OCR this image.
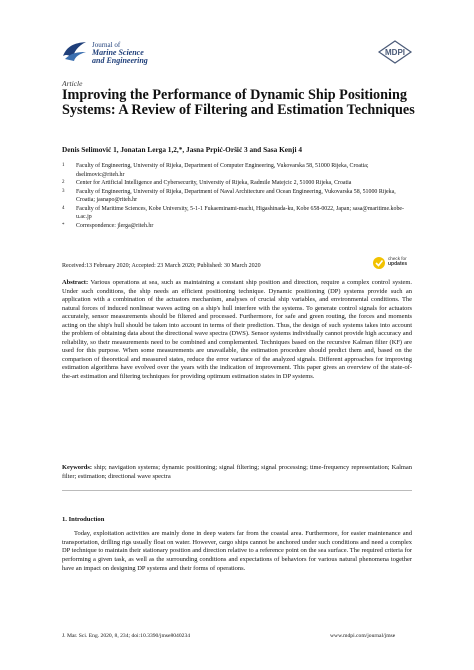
Journal of
Marine Science
and Engineering
MDPI
Article
Improving the Performance of Dynamic Ship Positioning Systems: A Review of Filtering and Estimation Techniques
Denis Selimović 1, Jonatan Lerga 1,2,*, Jasna Prpić-Oršić 3 and Sasa Kenji 4
1	Faculty of Engineering, University of Rijeka, Department of Computer Engineering, Vukovarska 58, 51000 Rijeka, Croatia; dselimovic@riteh.hr
2	Center for Artificial Intelligence and Cybersecurity, University of Rijeka, Radmile Matejcic 2, 51000 Rijeka, Croatia
3	Faculty of Engineering, University of Rijeka, Department of Naval Architecture and Ocean Engineering, Vukovarska 58, 51000 Rijeka, Croatia; jasnapo@riteh.hr
4	Faculty of Maritime Sciences, Kobe University, 5-1-1 Fukaeminami-machi, Higashinada-ku, Kobe 658-0022, Japan; sasa@maritime.kobe-u.ac.jp
*	Correspondence: jlerga@riteh.hr
Received:13 February 2020; Accepted: 23 March 2020; Published: 30 March 2020
check for
updates
Abstract: Various operations at sea, such as maintaining a constant ship position and direction, require a complex control system. Under such conditions, the ship needs an efficient positioning technique. Dynamic positioning (DP) systems provide such an application with a combination of the actuators mechanism, analyses of crucial ship variables, and environmental conditions. The natural forces of induced nonlinear waves acting on a ship's hull interfere with the systems. To generate control signals for actuators accurately, sensor measurements should be filtered and processed. Furthermore, for safe and green routing, the forces and moments acting on the ship's hull should be taken into account in terms of their prediction. Thus, the design of such systems takes into account the problem of obtaining data about the directional wave spectra (DWS). Sensor systems individually cannot provide high accuracy and reliability, so their measurements need to be combined and complemented. Techniques based on the recursive Kalman filter (KF) are used for this purpose. When some measurements are unavailable, the estimation procedure should predict them and, based on the comparison of theoretical and measured states, reduce the error variance of the analyzed signals. Different approaches for improving estimation algorithms have evolved over the years with the indication of improvement. This paper gives an overview of the state-of-the-art estimation and filtering techniques for providing optimum estimation states in DP systems.
Keywords: ship; navigation systems; dynamic positioning; signal filtering; signal processing; time-frequency representation; Kalman filter; estimation; directional wave spectra
1. Introduction

Today, exploitation activities are mainly done in deep waters far from the coastal area. Furthermore, for easier maintenance and transportation, drilling rigs usually float on water. However, cargo ships cannot be anchored under such conditions and need a complex DP technique to maintain their stationary position and direction relative to a reference point on the sea surface. The required criteria for performing a given task, as well as the surrounding conditions and expectations of behaviors for various natural phenomena together have an impact on designing DP systems and their forms of operations.

J. Mar. Sci. Eng. 2020, 8, 234; doi:10.3390/jmse8040234	www.mdpi.com/journal/jmse
